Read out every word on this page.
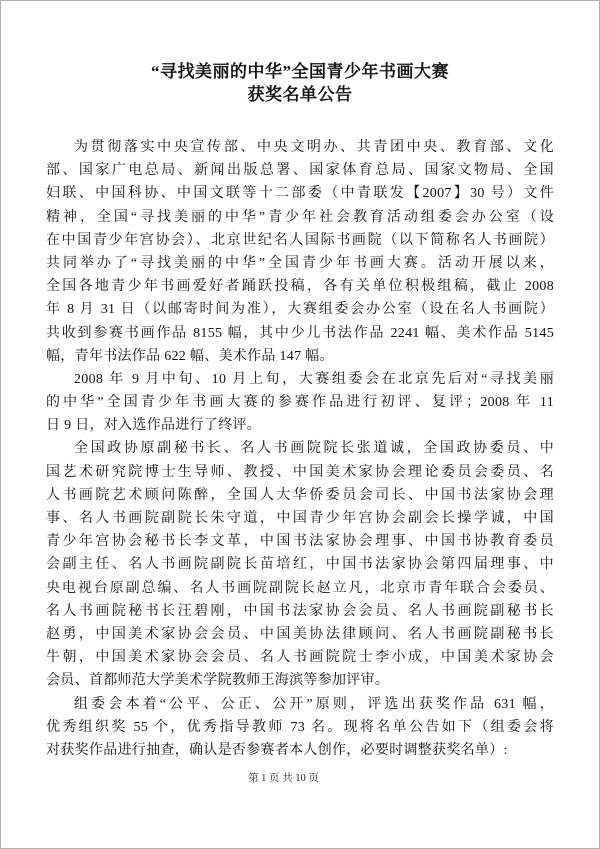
“寻找美丽的中华”全国青少年书画大赛
获奖名单公告
为贯彻落实中央宣传部、中央文明办、共青团中央、教育部、文化
部、国家广电总局、新闻出版总署、国家体育总局、国家文物局、全国
妇联、中国科协、中国文联等十二部委（中青联发【2007】30 号）文件
精神，全国“寻找美丽的中华”青少年社会教育活动组委会办公室（设
在中国青少年宫协会）、北京世纪名人国际书画院（以下简称名人书画院）
共同举办了“寻找美丽的中华”全国青少年书画大赛。活动开展以来，
全国各地青少年书画爱好者踊跃投稿，各有关单位积极组稿，截止 2008
年 8 月 31 日（以邮寄时间为准），大赛组委会办公室（设在名人书画院）
共收到参赛书画作品 8155 幅，其中少儿书法作品 2241 幅、美术作品 5145
幅，青年书法作品 622 幅、美术作品 147 幅。
2008 年 9 月中旬、10 月上旬，大赛组委会在北京先后对“寻找美丽
的中华”全国青少年书画大赛的参赛作品进行初评、复评；2008 年 11
日 9 日，对入选作品进行了终评。
全国政协原副秘书长、名人书画院院长张道诚，全国政协委员、中
国艺术研究院博士生导师、教授、中国美术家协会理论委员会委员、名
人书画院艺术顾问陈醉，全国人大华侨委员会司长、中国书法家协会理
事、名人书画院副院长朱守道，中国青少年宫协会副会长操学诚，中国
青少年宫协会秘书长李文革，中国书法家协会理事、中国书协教育委员
会副主任、名人书画院副院长苗培红，中国书法家协会第四届理事、中
央电视台原副总编、名人书画院副院长赵立凡，北京市青年联合会委员、
名人书画院秘书长汪碧刚，中国书法家协会会员、名人书画院副秘书长
赵勇，中国美术家协会会员、中国美协法律顾问、名人书画院副秘书长
牛朝，中国美术家协会会员、名人书画院院士李小成，中国美术家协会
会员、首都师范大学美术学院教师王海滨等参加评审。
组委会本着“公平、公正、公开”原则，评选出获奖作品 631 幅，
优秀组织奖 55 个，优秀指导教师 73 名。现将名单公告如下（组委会将
对获奖作品进行抽查，确认是否参赛者本人创作，必要时调整获奖名单）:
第 1 页 共 10 页
